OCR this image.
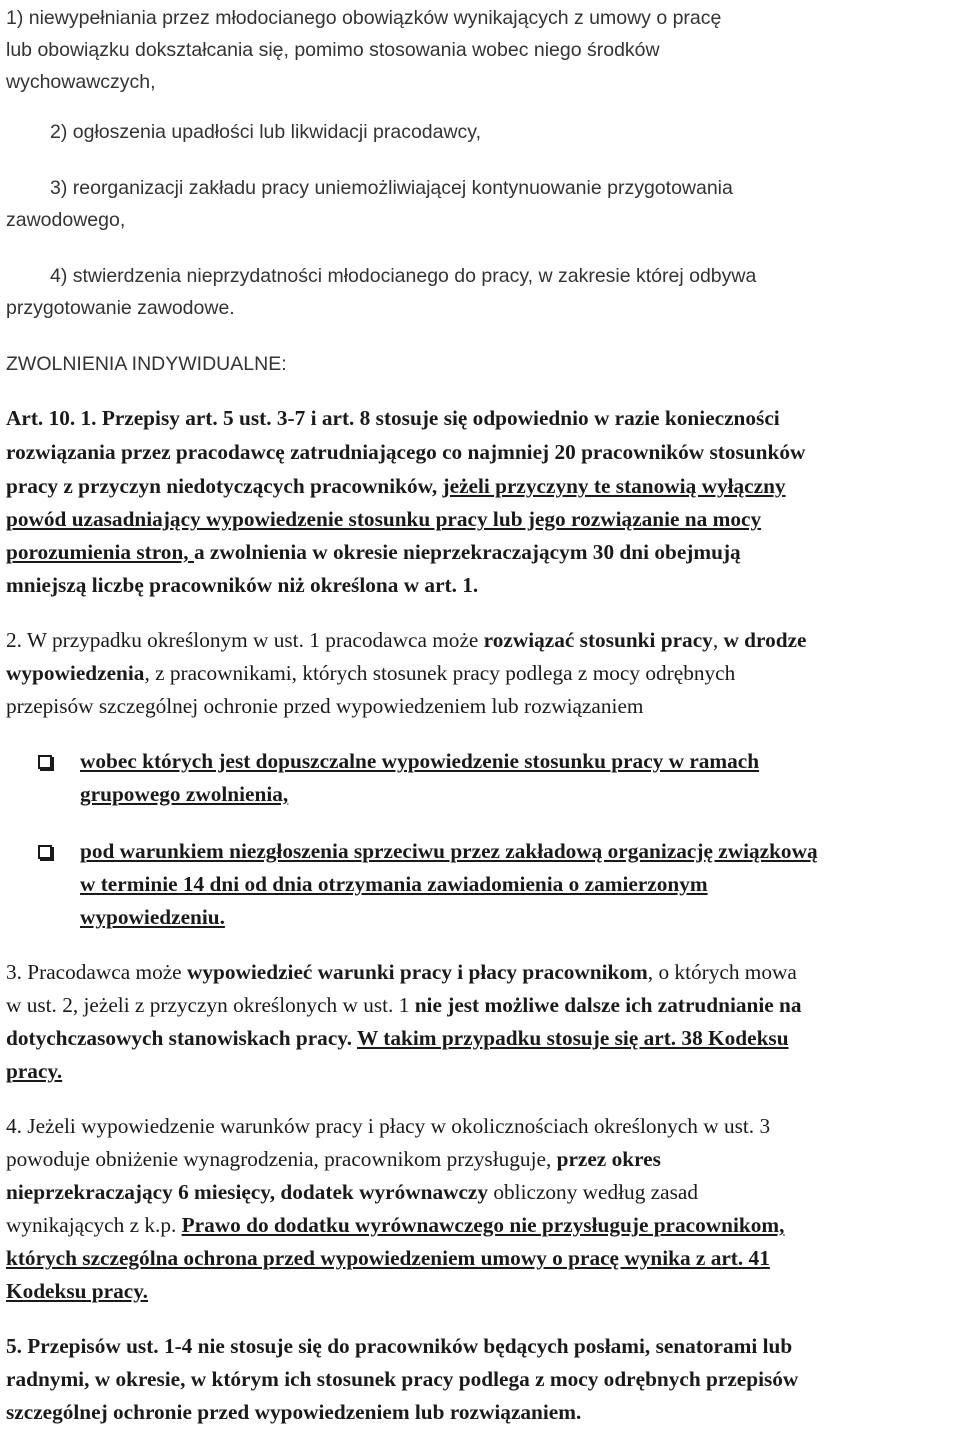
1) niewypełniania przez młodocianego obowiązków wynikających z umowy o pracę
lub obowiązku dokształcania się, pomimo stosowania wobec niego środków
wychowawczych,
2) ogłoszenia upadłości lub likwidacji pracodawcy,
3) reorganizacji zakładu pracy uniemożliwiającej kontynuowanie przygotowania
zawodowego,
4) stwierdzenia nieprzydatności młodocianego do pracy, w zakresie której odbywa
przygotowanie zawodowe.
ZWOLNIENIA INDYWIDUALNE:
Art. 10. 1. Przepisy art. 5 ust. 3-7 i art. 8 stosuje się odpowiednio w razie konieczności
rozwiązania przez pracodawcę zatrudniającego co najmniej 20 pracowników stosunków
pracy z przyczyn niedotyczących pracowników, jeżeli przyczyny te stanowią wyłączny
powód uzasadniający wypowiedzenie stosunku pracy lub jego rozwiązanie na mocy
porozumienia stron, a zwolnienia w okresie nieprzekraczającym 30 dni obejmują
mniejszą liczbę pracowników niż określona w art. 1.
2. W przypadku określonym w ust. 1 pracodawca może rozwiązać stosunki pracy, w drodze
wypowiedzenia, z pracownikami, których stosunek pracy podlega z mocy odrębnych
przepisów szczególnej ochronie przed wypowiedzeniem lub rozwiązaniem
wobec których jest dopuszczalne wypowiedzenie stosunku pracy w ramach
grupowego zwolnienia,
pod warunkiem niezgłoszenia sprzeciwu przez zakładową organizację związkową
w terminie 14 dni od dnia otrzymania zawiadomienia o zamierzonym
wypowiedzeniu.
3. Pracodawca może wypowiedzieć warunki pracy i płacy pracownikom, o których mowa
w ust. 2, jeżeli z przyczyn określonych w ust. 1 nie jest możliwe dalsze ich zatrudnianie na
dotychczasowych stanowiskach pracy. W takim przypadku stosuje się art. 38 Kodeksu
pracy.
4. Jeżeli wypowiedzenie warunków pracy i płacy w okolicznościach określonych w ust. 3
powoduje obniżenie wynagrodzenia, pracownikom przysługuje, przez okres
nieprzekraczający 6 miesięcy, dodatek wyrównawczy obliczony według zasad
wynikających z k.p. Prawo do dodatku wyrównawczego nie przysługuje pracownikom,
których szczególna ochrona przed wypowiedzeniem umowy o pracę wynika z art. 41
Kodeksu pracy.
5. Przepisów ust. 1-4 nie stosuje się do pracowników będących posłami, senatorami lub
radnymi, w okresie, w którym ich stosunek pracy podlega z mocy odrębnych przepisów
szczególnej ochronie przed wypowiedzeniem lub rozwiązaniem.
